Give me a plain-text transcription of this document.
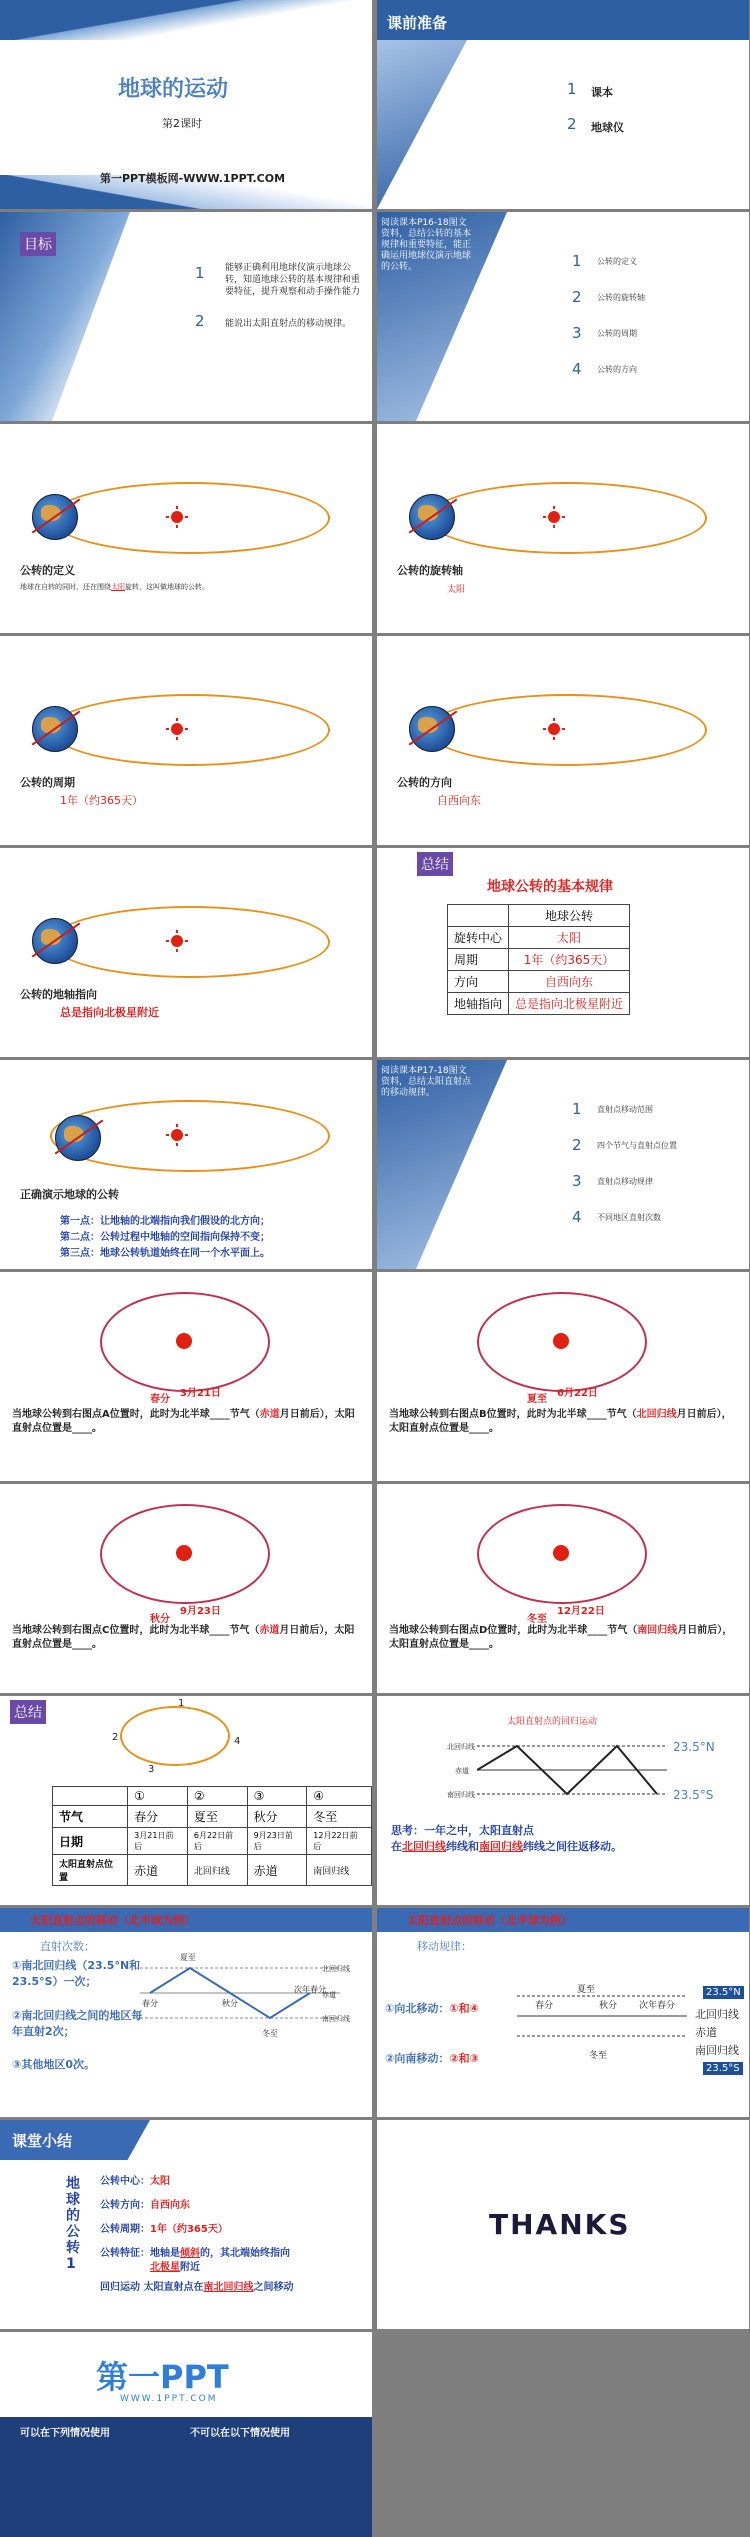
地球的运动
第2课时
第一PPT模板网-WWW.1PPT.COM
课前准备
1 课本
2 地球仪
目标
1 能够正确利用地球仪演示地球公转，知道地球公转的基本规律和重要特征，提升观察和动手操作能力
2 能说出太阳直射点的移动规律。
阅读课本P16-18图文资料，总结公转的基本规律和重要特征，能正确运用地球仪演示地球的公转。	1 公转的定义
2 公转的旋转轴
3 公转的周期
4 公转的方向
公转的定义
地球在自转的同时，还在围绕太阳旋转，这叫做地球的公转。
公转的旋转轴
太阳
公转的周期
1年（约365天）
公转的方向
自西向东
公转的地轴指向
总是指向北极星附近
总结
地球公转的基本规律
	地球公转
旋转中心	太阳
周期	1年（约365天）
方向	自西向东
地轴指向	总是指向北极星附近
正确演示地球的公转
第一点：让地轴的北端指向我们假设的北方向；
第二点：公转过程中地轴的空间指向保持不变；
第三点：地球公转轨道始终在同一个水平面上。
阅读课本P17-18图文资料，总结太阳直射点的移动规律。
1 直射点移动范围
2 四个节气与直射点位置
3 直射点移动规律
4 不同地区直射次数
春分
3月21日
当地球公转到右图点A位置时，此时为北半球____节气（赤道月日前后），太阳直射点位置是____。
夏至
6月22日
当地球公转到右图点B位置时，此时为北半球____节气（北回归线月日前后），太阳直射点位置是____。
秋分
9月23日
当地球公转到右图点C位置时，此时为北半球____节气（赤道月日前后），太阳直射点位置是____。
冬至
12月22日
当地球公转到右图点D位置时，此时为北半球____节气（南回归线月日前后），太阳直射点位置是____。
总结
1
2
3
4
	①	②	③	④
节气	春分	夏至	秋分	冬至
日期	3月21日前后	6月22日前后	9月23日前后	12月22日前后
太阳直射点位置	赤道	北回归线	赤道	南回归线
太阳直射点的回归运动
北回归线
赤道
南回归线
23.5°N
23.5°S
思考：一年之中，太阳直射点
在北回归线纬线和南回归线纬线之间往返移动。
太阳直射点的移动（北半球为例）
直射次数：
夏至
春分	秋分
冬至
次年春分
北回归线
赤道
南回归线
①南北回归线（23.5°N和23.5°S）一次；
②南北回归线之间的地区每年直射2次；
③其他地区0次。
太阳直射点的移动（北半球为例）
移动规律：
①向北移动：①和④
②向南移动：②和③
夏至
春分	秋分 次年春分
冬至
23.5°N
北回归线
赤道
南回归线
23.5°S
课堂小结
地球的公转1
公转中心：太阳
公转方向：自西向东
公转周期：1年（约365天）
公转特征：地轴是倾斜的，其北端始终指向
北极星附近
回归运动 太阳直射点在南北回归线之间移动
THANKS
第一PPT
WWW.1PPT.COM
可以在下列情况使用	不可以在以下情况使用
